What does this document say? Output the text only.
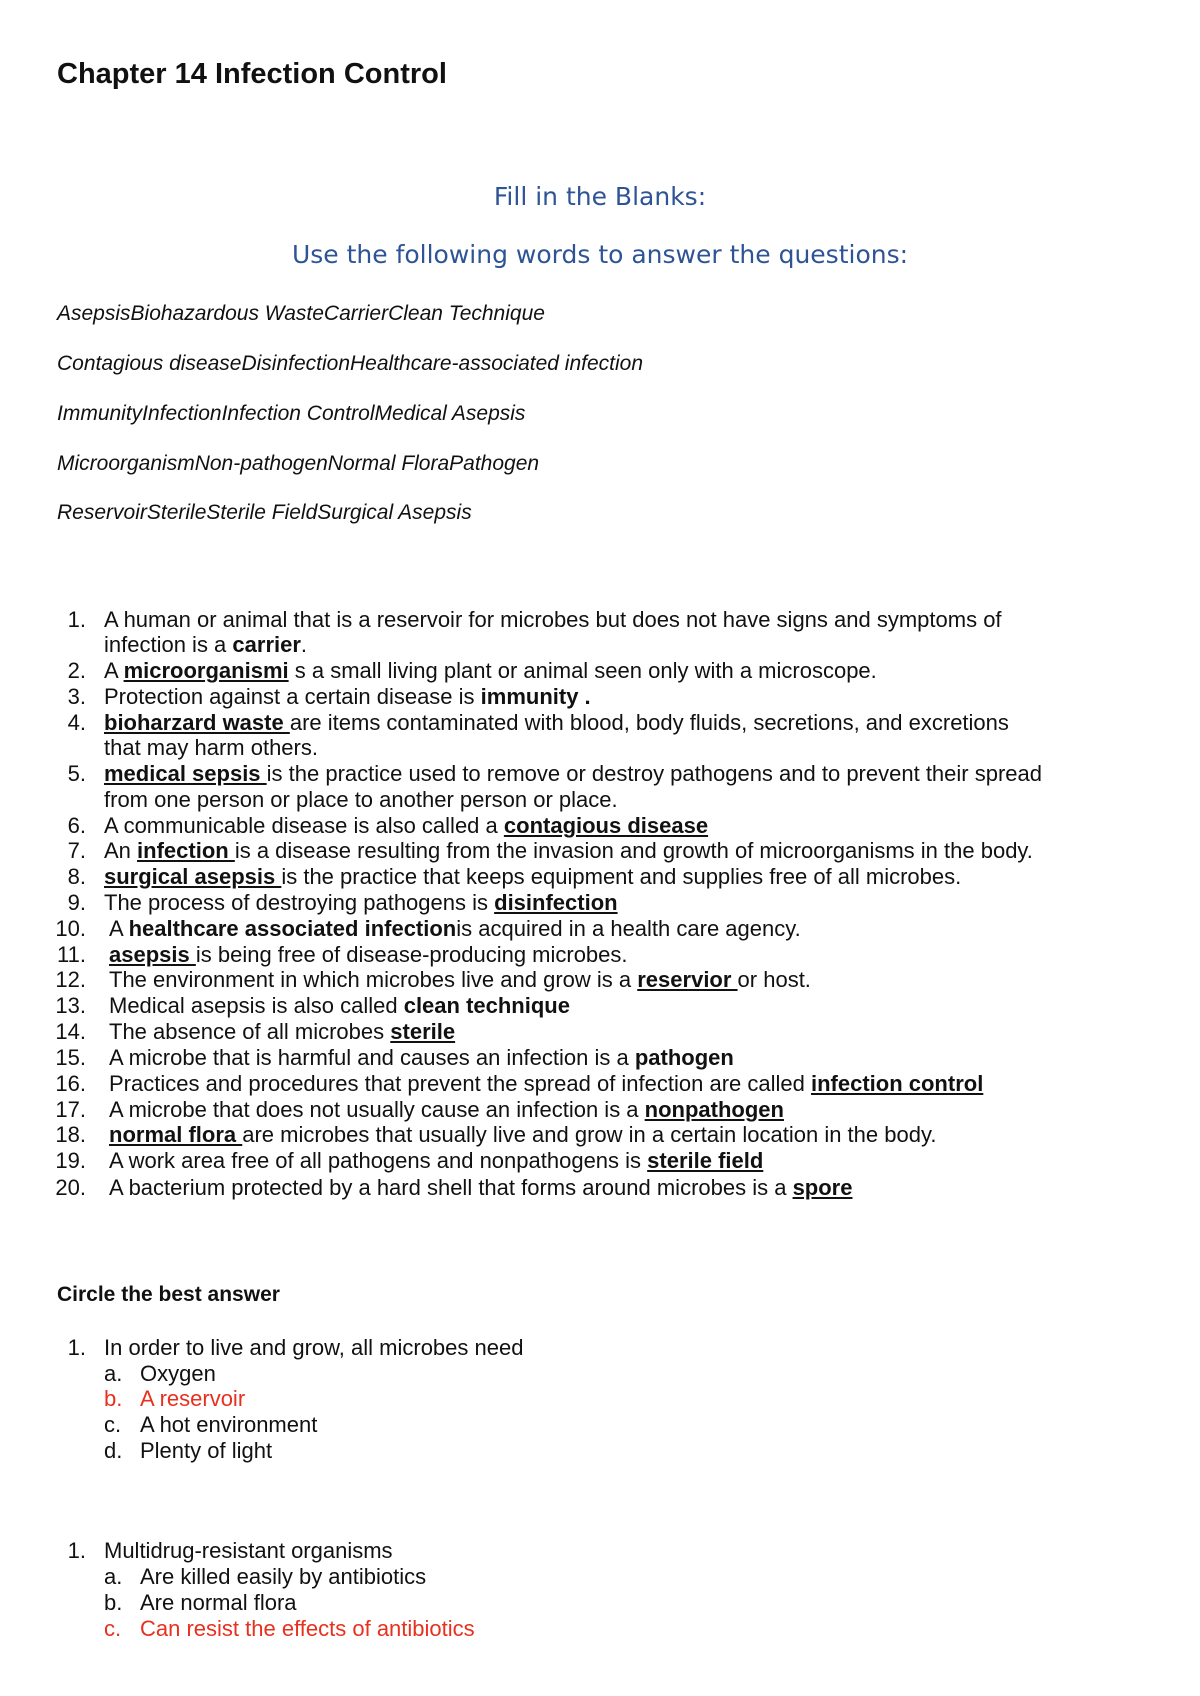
Chapter 14 Infection Control
Fill in the Blanks:
Use the following words to answer the questions:
AsepsisBiohazardous WasteCarrierClean Technique
Contagious diseaseDisinfectionHealthcare-associated infection
ImmunityInfectionInfection ControlMedical Asepsis
MicroorganismNon-pathogenNormal FloraPathogen
ReservoirSterileSterile FieldSurgical Asepsis
1. A human or animal that is a reservoir for microbes but does not have signs and symptoms of
infection is a carrier.
2. A microorganismi s a small living plant or animal seen only with a microscope.
3. Protection against a certain disease is immunity .
4. bioharzard waste are items contaminated with blood, body fluids, secretions, and excretions
that may harm others.
5. medical sepsis is the practice used to remove or destroy pathogens and to prevent their spread
from one person or place to another person or place.
6. A communicable disease is also called a contagious disease
7. An infection is a disease resulting from the invasion and growth of microorganisms in the body.
8. surgical asepsis is the practice that keeps equipment and supplies free of all microbes.
9. The process of destroying pathogens is disinfection
10. A healthcare associated infectionis acquired in a health care agency.
11. asepsis is being free of disease-producing microbes.
12. The environment in which microbes live and grow is a reservior or host.
13. Medical asepsis is also called clean technique
14. The absence of all microbes sterile
15. A microbe that is harmful and causes an infection is a pathogen
16. Practices and procedures that prevent the spread of infection are called infection control
17. A microbe that does not usually cause an infection is a nonpathogen
18. normal flora are microbes that usually live and grow in a certain location in the body.
19. A work area free of all pathogens and nonpathogens is sterile field
20. A bacterium protected by a hard shell that forms around microbes is a spore
Circle the best answer
1. In order to live and grow, all microbes need
a. Oxygen
b. A reservoir
c. A hot environment
d. Plenty of light
1. Multidrug-resistant organisms
a. Are killed easily by antibiotics
b. Are normal flora
c. Can resist the effects of antibiotics
